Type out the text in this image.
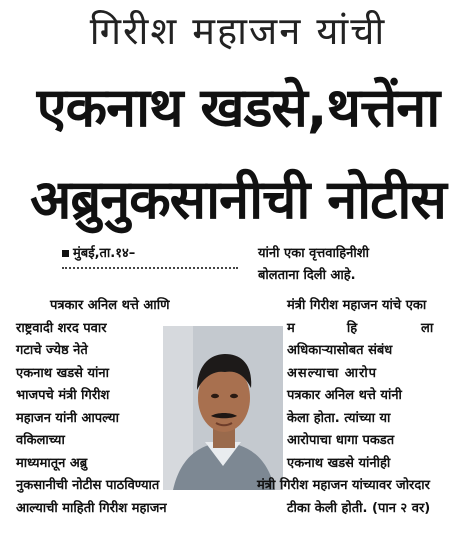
गिरीश महाजन यांची
एकनाथ खडसे,थत्तेंना
अब्रुनुकसानीची नोटीस
मुंबई,ता.१४–	यांनी एका वृत्तवाहिनीशी
बोलताना दिली आहे.
पत्रकार अनिल थत्ते आणि
राष्ट्रवादी शरद पवार
गटाचे ज्येष्ठ नेते
एकनाथ खडसे यांना
भाजपचे मंत्री गिरीश
महाजन यांनी आपल्या
वकिलाच्या
माध्यमातून अब्रु
नुकसानीची नोटीस पाठविण्यात
आल्याची माहिती गिरीश महाजन
मंत्री गिरीश महाजन यांचे एका
म	हि	ला
अधिकाऱ्यासोबत संबंध
असल्याचा आरोप
पत्रकार अनिल थत्ते यांनी
केला होता. त्यांच्या या
आरोपाचा धागा पकडत
एकनाथ खडसे यांनीही
मंत्री गिरीश महाजन यांच्यावर जोरदार
टीका केली होती. (पान २ वर)
